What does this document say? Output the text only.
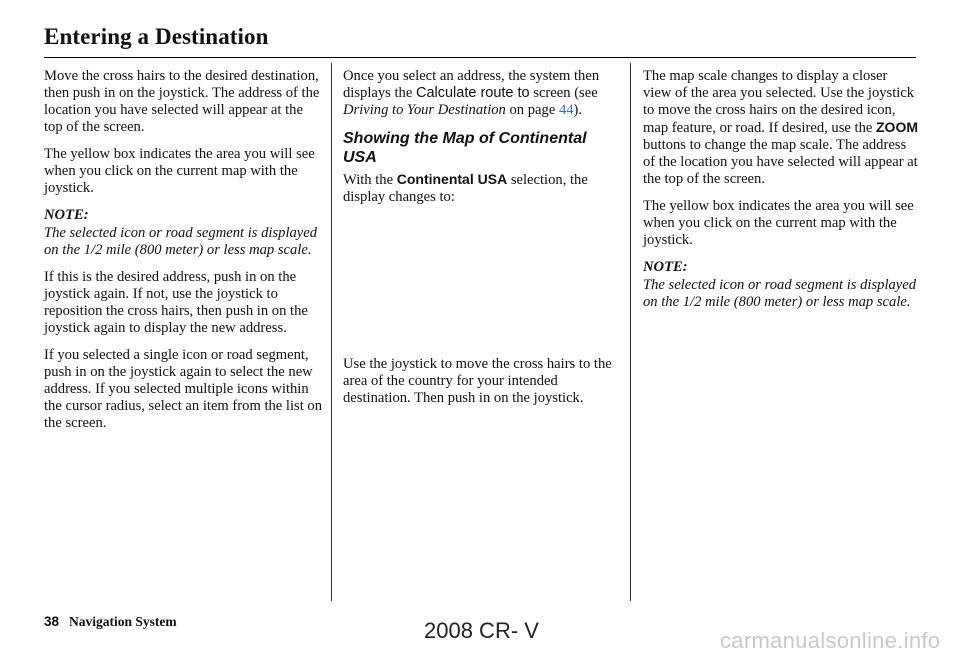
Entering a Destination

Move the cross hairs to the desired destination, then push in on the joystick. The address of the location you have selected will appear at the top of the screen.

The yellow box indicates the area you will see when you click on the current map with the joystick.

NOTE:

The selected icon or road segment is displayed on the 1/2 mile (800 meter) or less map scale.

If this is the desired address, push in on the joystick again. If not, use the joystick to reposition the cross hairs, then push in on the joystick again to display the new address.

If you selected a single icon or road segment, push in on the joystick again to select the new address. If you selected multiple icons within the cursor radius, select an item from the list on the screen.

Once you select an address, the system then displays the Calculate route to screen (see Driving to Your Destination on page 44).

Showing the Map of Continental USA

With the Continental USA selection, the display changes to:

Use the joystick to move the cross hairs to the area of the country for your intended destination. Then push in on the joystick.

The map scale changes to display a closer view of the area you selected. Use the joystick to move the cross hairs on the desired icon, map feature, or road. If desired, use the ZOOM buttons to change the map scale. The address of the location you have selected will appear at the top of the screen.

The yellow box indicates the area you will see when you click on the current map with the joystick.

NOTE:

The selected icon or road segment is displayed on the 1/2 mile (800 meter) or less map scale.

38 Navigation System	2008 CR- V	carmanualsonline.info
